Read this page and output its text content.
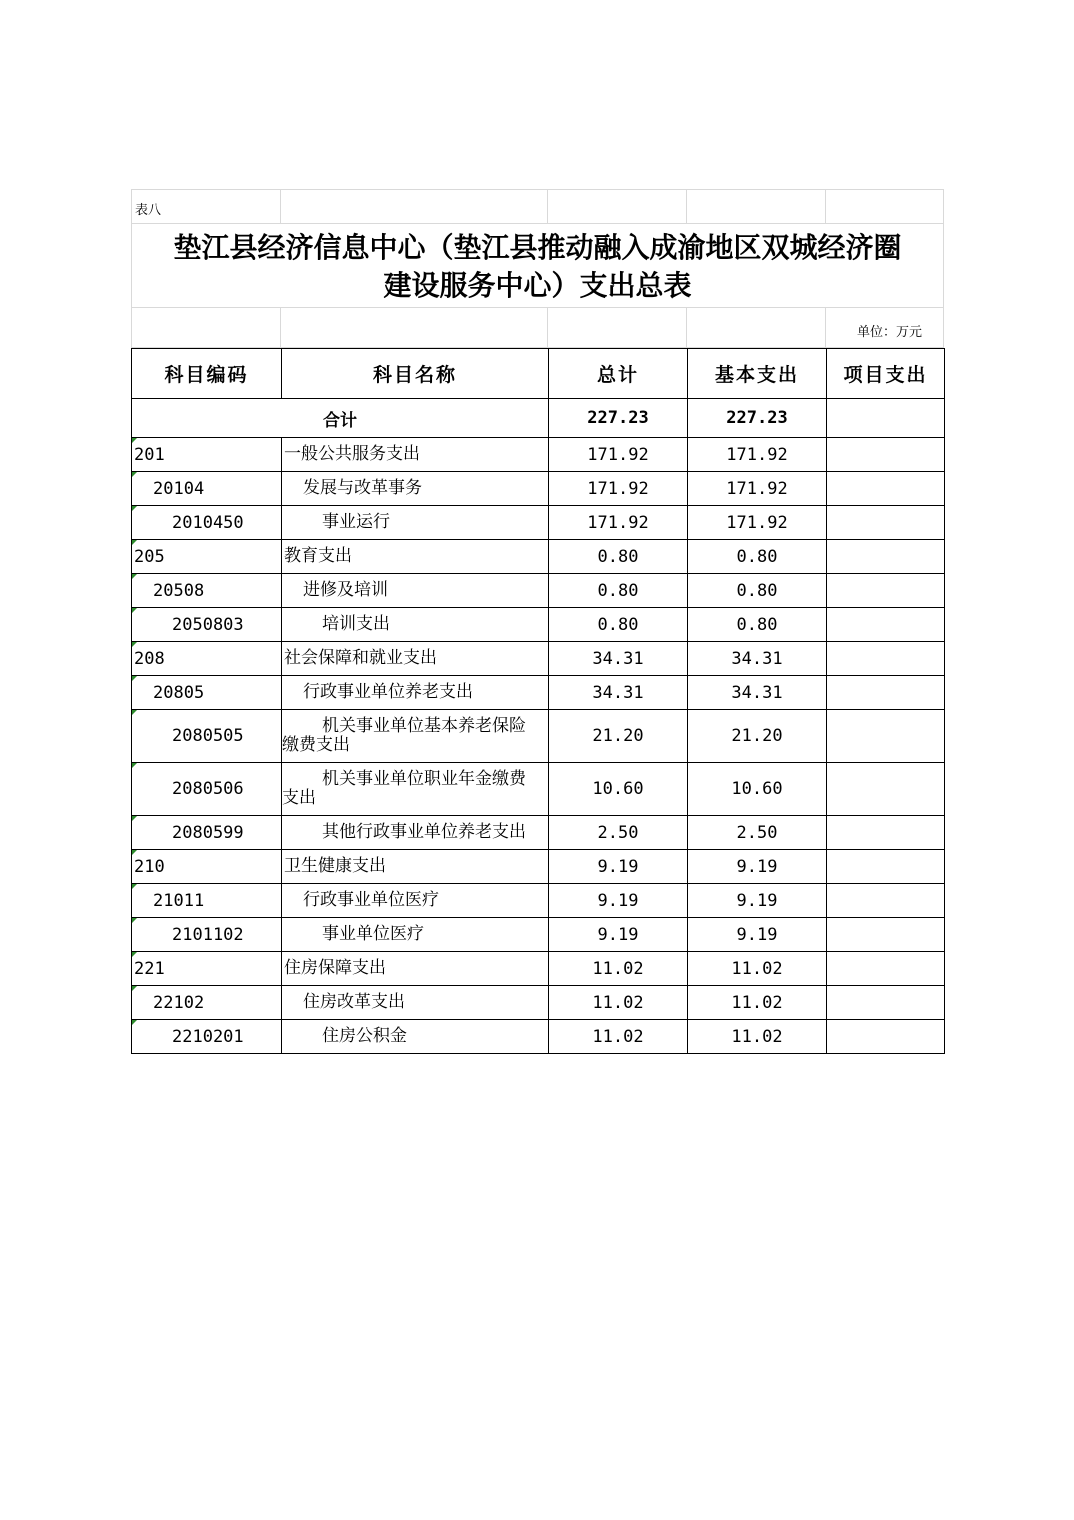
表八
垫江县经济信息中心（垫江县推动融入成渝地区双城经济圈
建设服务中心）支出总表
单位：万元
科目编码	科目名称	总计	基本支出	项目支出
合计		227.23	227.23	

201	一般公共服务支出	171.92	171.92	

20104	发展与改革事务	171.92	171.92	

2010450	事业运行	171.92	171.92	

205	教育支出	0.80	0.80	

20508	进修及培训	0.80	0.80	

2050803	培训支出	0.80	0.80	

208	社会保障和就业支出	34.31	34.31	

20805	行政事业单位养老支出	34.31	34.31	

2080505	机关事业单位基本养老保险缴费支出	21.20	21.20	

2080506	机关事业单位职业年金缴费支出	10.60	10.60	

2080599	其他行政事业单位养老支出	2.50	2.50	

210	卫生健康支出	9.19	9.19	

21011	行政事业单位医疗	9.19	9.19	

2101102	事业单位医疗	9.19	9.19	

221	住房保障支出	11.02	11.02	

22102	住房改革支出	11.02	11.02	

2210201	住房公积金	11.02	11.02	
